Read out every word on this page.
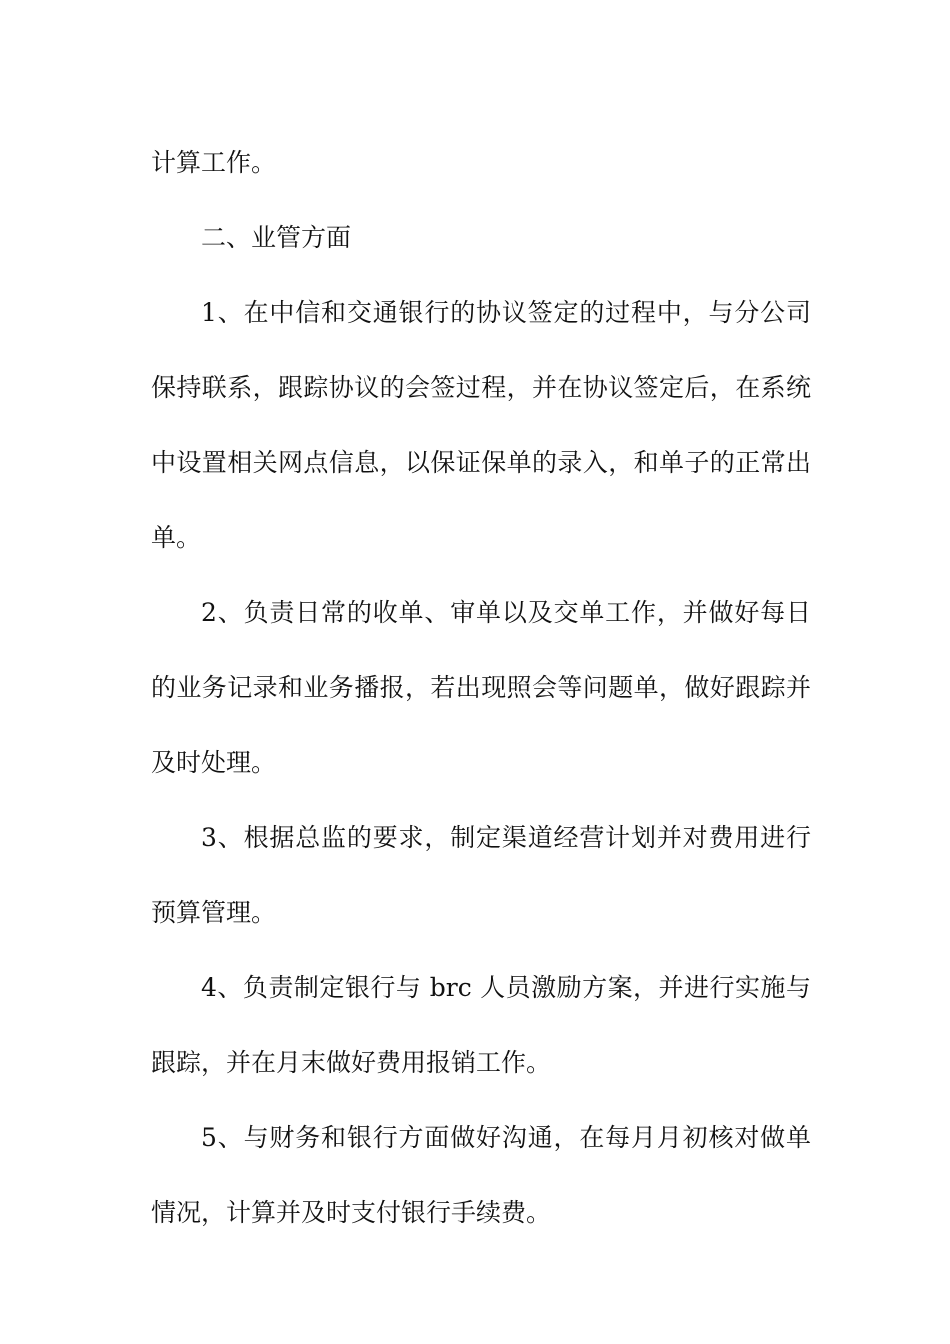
计算工作。

二、业管方面

1、在中信和交通银行的协议签定的过程中，与分公司保持联系，跟踪协议的会签过程，并在协议签定后，在系统中设置相关网点信息，以保证保单的录入，和单子的正常出单。

2、负责日常的收单、审单以及交单工作，并做好每日的业务记录和业务播报，若出现照会等问题单，做好跟踪并及时处理。

3、根据总监的要求，制定渠道经营计划并对费用进行预算管理。

4、负责制定银行与 brc 人员激励方案，并进行实施与跟踪，并在月末做好费用报销工作。

5、与财务和银行方面做好沟通，在每月月初核对做单情况，计算并及时支付银行手续费。
